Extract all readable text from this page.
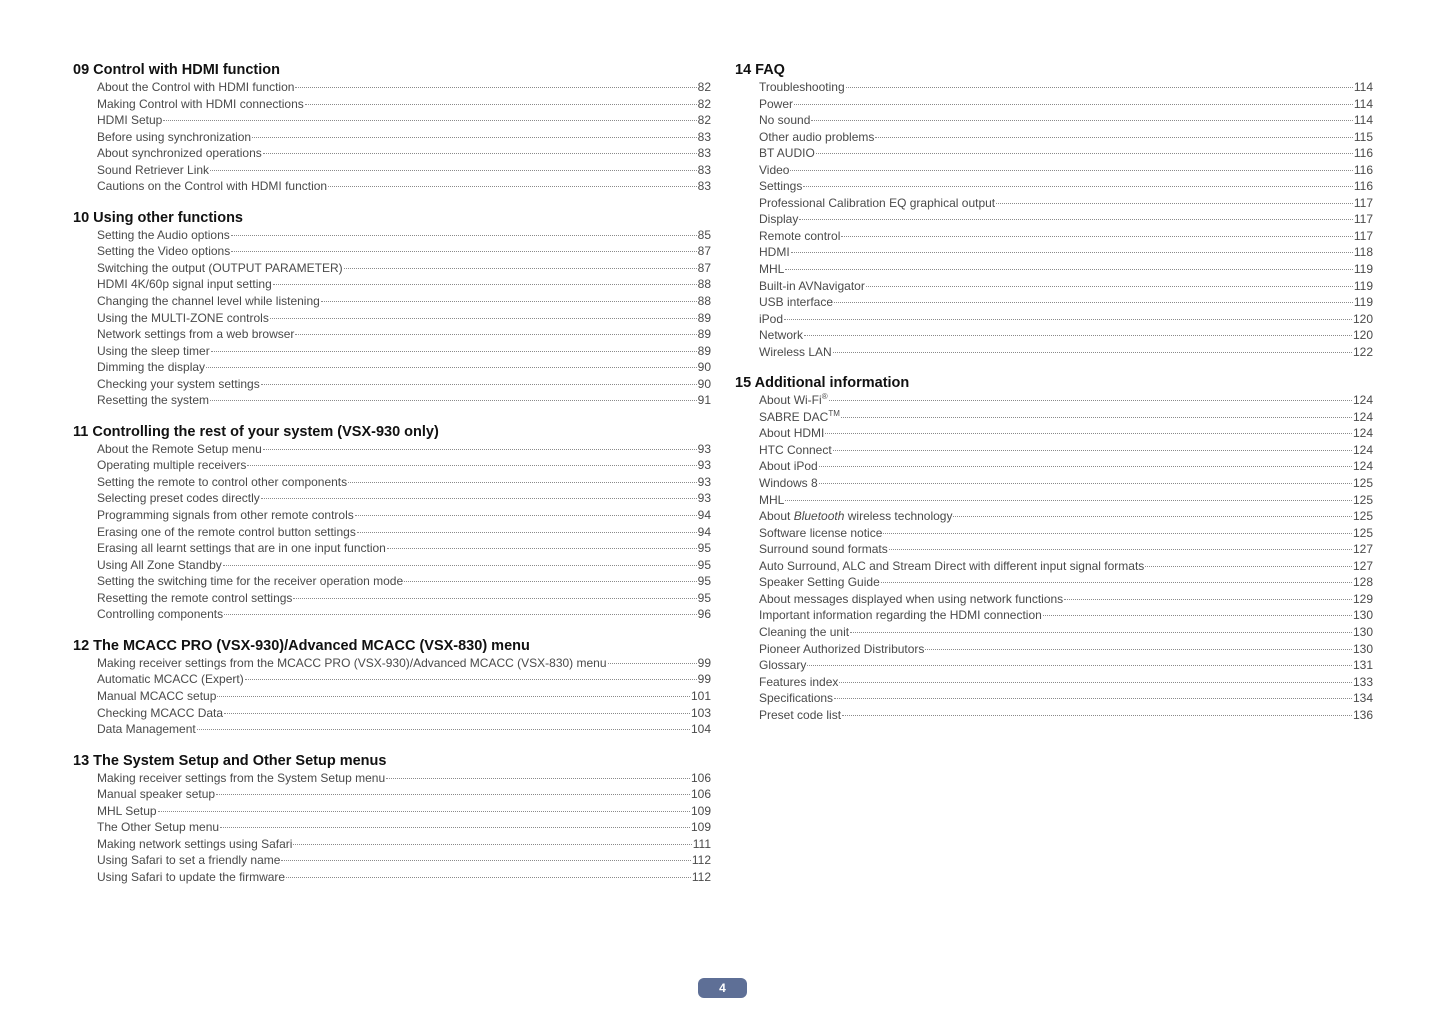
09 Control with HDMI function
About the Control with HDMI function	82
Making Control with HDMI connections	82
HDMI Setup	82
Before using synchronization	83
About synchronized operations	83
Sound Retriever Link	83
Cautions on the Control with HDMI function	83
10 Using other functions
Setting the Audio options	85
Setting the Video options	87
Switching the output (OUTPUT PARAMETER)	87
HDMI 4K/60p signal input setting	88
Changing the channel level while listening	88
Using the MULTI-ZONE controls	89
Network settings from a web browser	89
Using the sleep timer	89
Dimming the display	90
Checking your system settings	90
Resetting the system	91
11 Controlling the rest of your system (VSX-930 only)
About the Remote Setup menu	93
Operating multiple receivers	93
Setting the remote to control other components	93
Selecting preset codes directly	93
Programming signals from other remote controls	94
Erasing one of the remote control button settings	94
Erasing all learnt settings that are in one input function	95
Using All Zone Standby	95
Setting the switching time for the receiver operation mode	95
Resetting the remote control settings	95
Controlling components	96
12 The MCACC PRO (VSX-930)/Advanced MCACC (VSX-830) menu
Making receiver settings from the MCACC PRO (VSX-930)/Advanced MCACC (VSX-830) menu	99
Automatic MCACC (Expert)	99
Manual MCACC setup	101
Checking MCACC Data	103
Data Management	104
13 The System Setup and Other Setup menus
Making receiver settings from the System Setup menu	106
Manual speaker setup	106
MHL Setup	109
The Other Setup menu	109
Making network settings using Safari	111
Using Safari to set a friendly name	112
Using Safari to update the firmware	112
14 FAQ
Troubleshooting	114
Power	114
No sound	114
Other audio problems	115
BT AUDIO	116
Video	116
Settings	116
Professional Calibration EQ graphical output	117
Display	117
Remote control	117
HDMI	118
MHL	119
Built-in AVNavigator	119
USB interface	119
iPod	120
Network	120
Wireless LAN	122
15 Additional information
About Wi-Fi®	124
SABRE DAC™	124
About HDMI	124
HTC Connect	124
About iPod	124
Windows 8	125
MHL	125
About Bluetooth wireless technology	125
Software license notice	125
Surround sound formats	127
Auto Surround, ALC and Stream Direct with different input signal formats	127
Speaker Setting Guide	128
About messages displayed when using network functions	129
Important information regarding the HDMI connection	130
Cleaning the unit	130
Pioneer Authorized Distributors	130
Glossary	131
Features index	133
Specifications	134
Preset code list	136
4
